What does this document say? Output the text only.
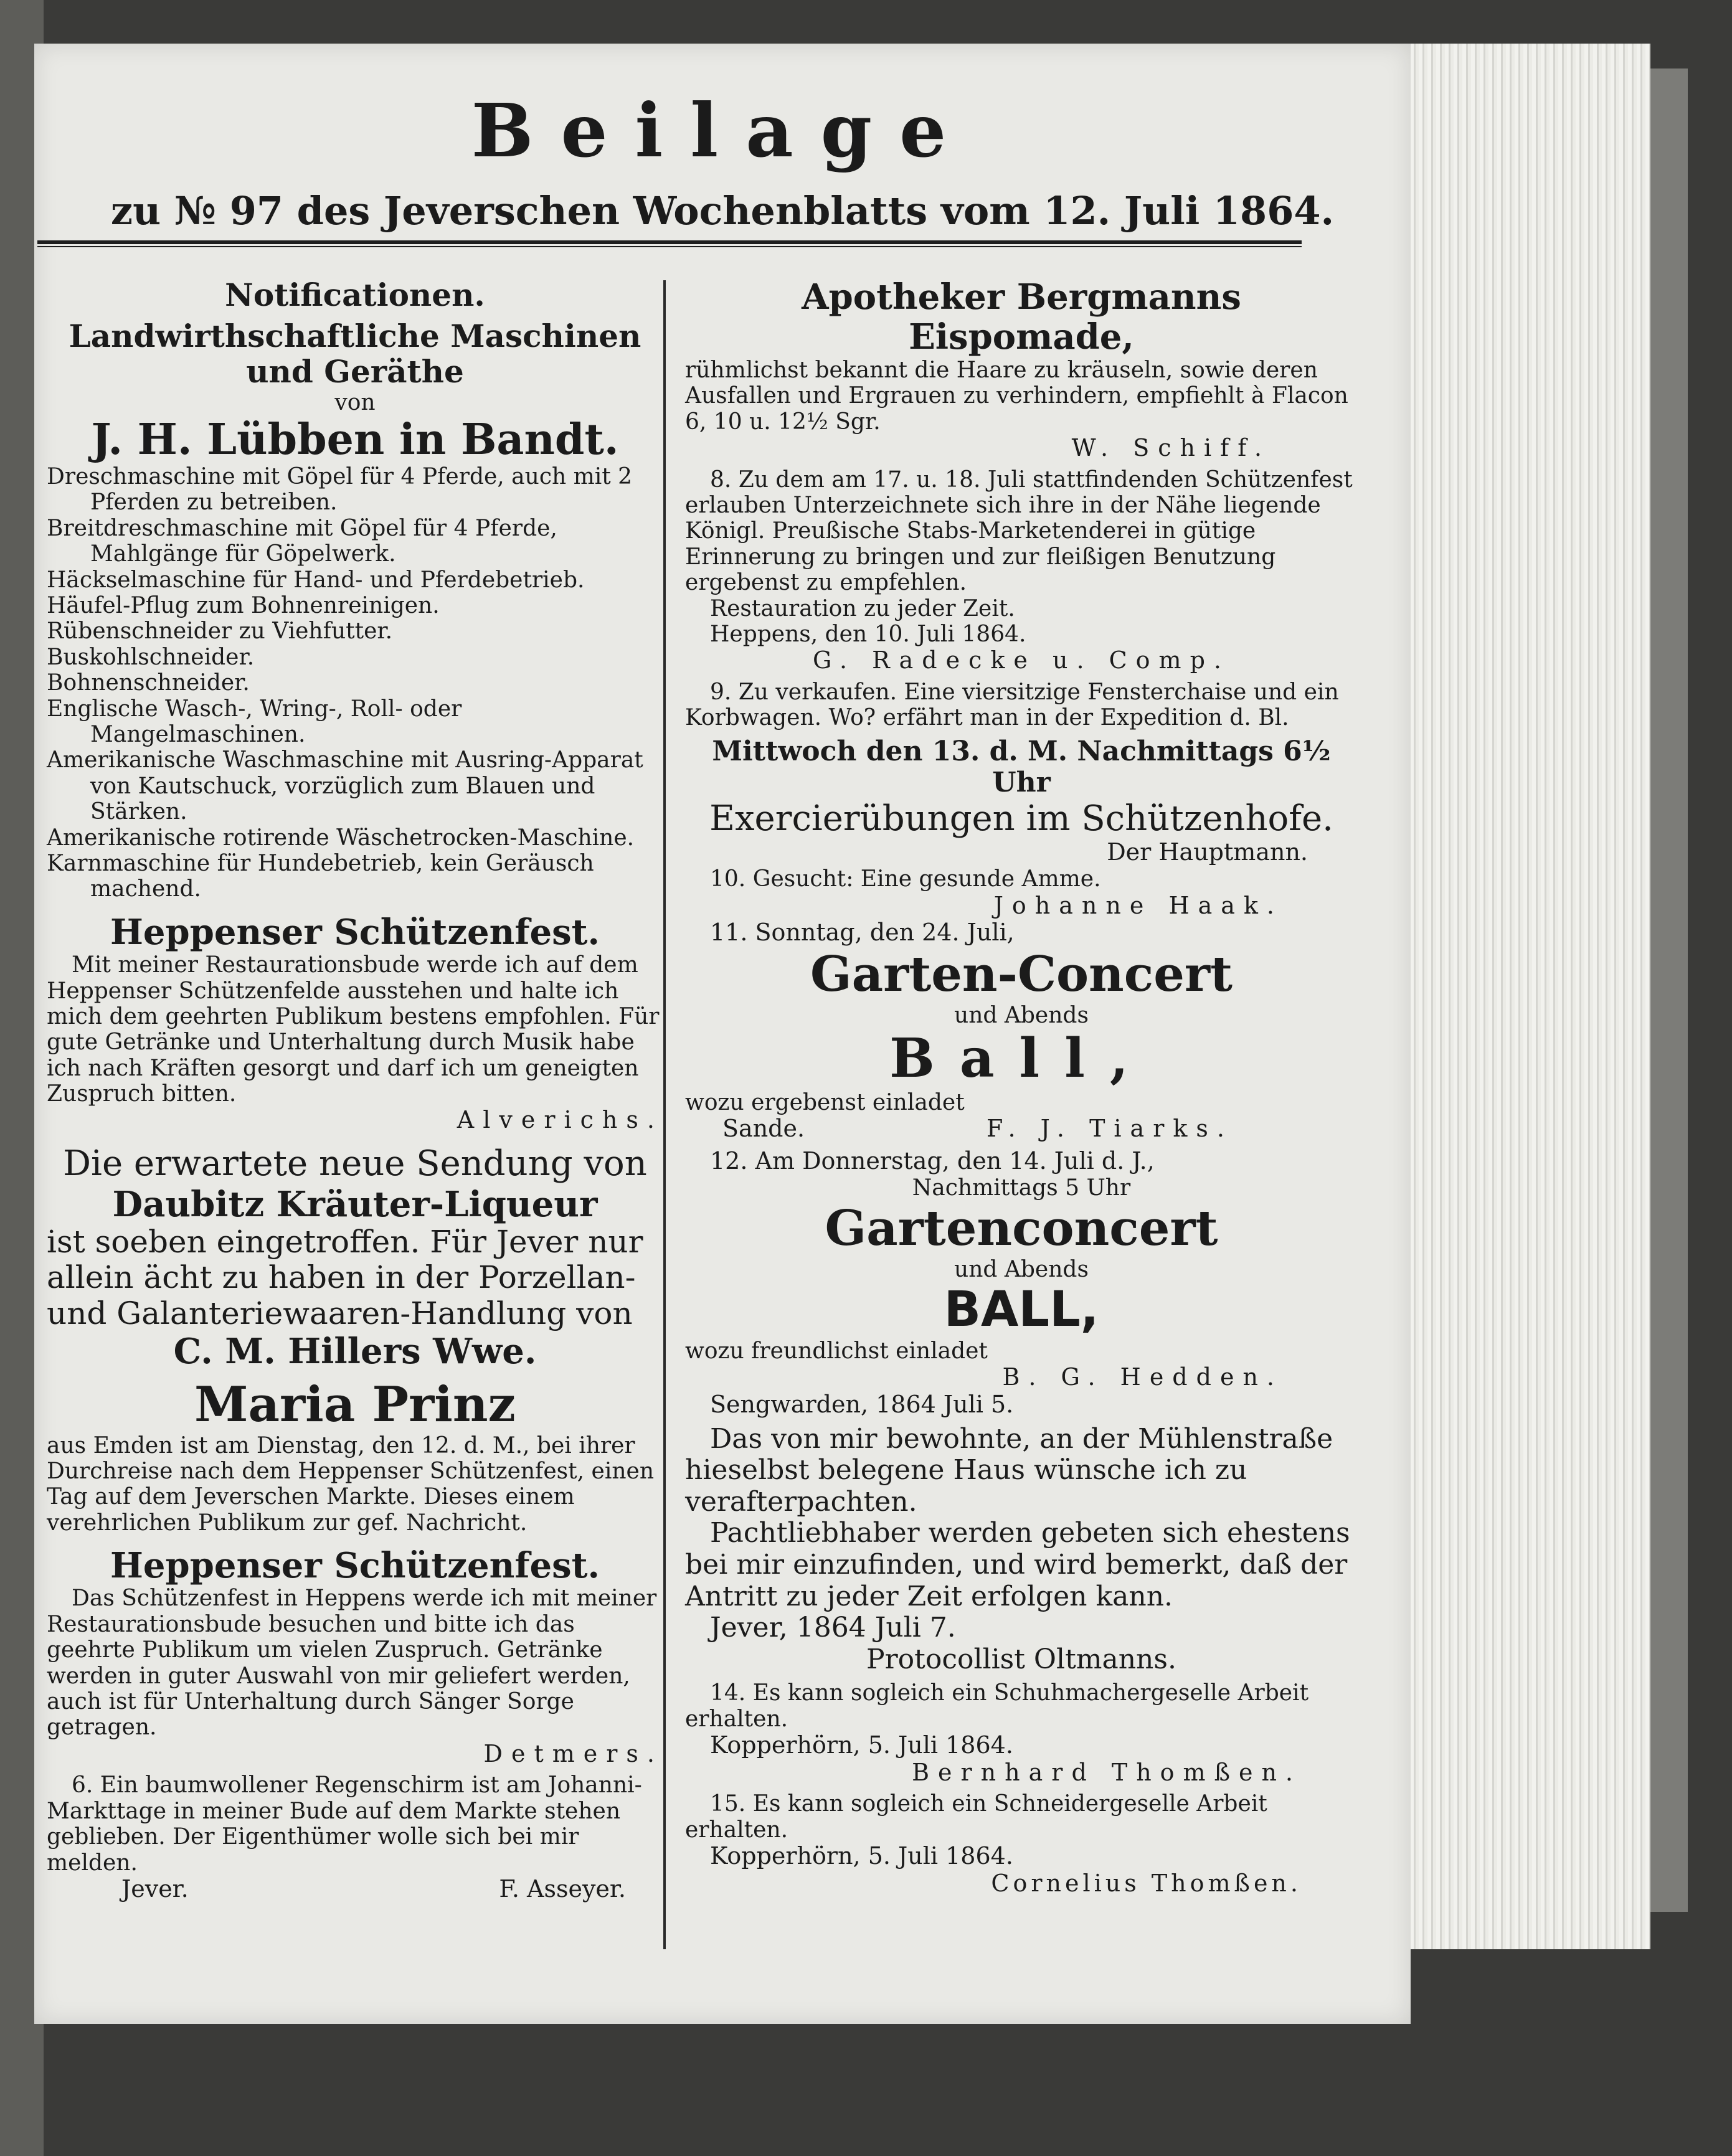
Beilage
zu № 97 des Jeverschen Wochenblatts vom 12. Juli 1864.
Notificationen.
Landwirthschaftliche Maschinen
und Geräthe
von
J. H. Lübben in Bandt.
Dreschmaschine mit Göpel für 4 Pferde, auch mit 2 Pferden zu betreiben.
Breitdreschmaschine mit Göpel für 4 Pferde, Mahlgänge für Göpelwerk.
Häckselmaschine für Hand- und Pferdebetrieb.
Häufel-Pflug zum Bohnenreinigen.
Rübenschneider zu Viehfutter.
Buskohlschneider.
Bohnenschneider.
Englische Wasch-, Wring-, Roll- oder Mangelmaschinen.
Amerikanische Waschmaschine mit Ausring-Apparat von Kautschuck, vorzüglich zum Blauen und Stärken.
Amerikanische rotirende Wäschetrocken-Maschine.
Karnmaschine für Hundebetrieb, kein Geräusch machend.
Heppenser Schützenfest.
Mit meiner Restaurationsbude werde ich auf dem Heppenser Schützenfelde ausstehen und halte ich mich dem geehrten Publikum bestens empfohlen. Für gute Getränke und Unterhaltung durch Musik habe ich nach Kräften gesorgt und darf ich um geneigten Zuspruch bitten.
Alverichs.
Die erwartete neue Sendung von
Daubitz Kräuter-Liqueur
ist soeben eingetroffen. Für Jever nur allein ächt zu haben in der Porzellan- und Galanteriewaaren-Handlung von
C. M. Hillers Wwe.
Maria Prinz
aus Emden ist am Dienstag, den 12. d. M., bei ihrer Durchreise nach dem Heppenser Schützenfest, einen Tag auf dem Jeverschen Markte. Dieses einem verehrlichen Publikum zur gef. Nachricht.
Heppenser Schützenfest.
Das Schützenfest in Heppens werde ich mit meiner Restaurationsbude besuchen und bitte ich das geehrte Publikum um vielen Zuspruch. Getränke werden in guter Auswahl von mir geliefert werden, auch ist für Unterhaltung durch Sänger Sorge getragen.
Detmers.
6. Ein baumwollener Regenschirm ist am Johanni-Markttage in meiner Bude auf dem Markte stehen geblieben. Der Eigenthümer wolle sich bei mir melden.
Jever.	F. Asseyer.
Apotheker Bergmanns Eispomade,
rühmlichst bekannt die Haare zu kräuseln, sowie deren Ausfallen und Ergrauen zu verhindern, empfiehlt à Flacon 6, 10 u. 12½ Sgr.
W. Schiff.
8. Zu dem am 17. u. 18. Juli stattfindenden Schützenfest erlauben Unterzeichnete sich ihre in der Nähe liegende Königl. Preußische Stabs-Marketenderei in gütige Erinnerung zu bringen und zur fleißigen Benutzung ergebenst zu empfehlen.
Restauration zu jeder Zeit.
Heppens, den 10. Juli 1864.
G. Radecke u. Comp.
9. Zu verkaufen. Eine viersitzige Fensterchaise und ein Korbwagen. Wo? erfährt man in der Expedition d. Bl.
Mittwoch den 13. d. M. Nachmittags 6½ Uhr
Exercierübungen im Schützenhofe.
Der Hauptmann.
10. Gesucht: Eine gesunde Amme.
Johanne Haak.
11. Sonntag, den 24. Juli,
Garten-Concert
und Abends
Ball,
wozu ergebenst einladet
Sande.	F. J. Tiarks.
12. Am Donnerstag, den 14. Juli d. J.,
Nachmittags 5 Uhr
Gartenconcert
und Abends
BALL,
wozu freundlichst einladet
B. G. Hedden.
Sengwarden, 1864 Juli 5.
Das von mir bewohnte, an der Mühlenstraße hieselbst belegene Haus wünsche ich zu verafterpachten.
Pachtliebhaber werden gebeten sich ehestens bei mir einzufinden, und wird bemerkt, daß der Antritt zu jeder Zeit erfolgen kann.
Jever, 1864 Juli 7.
Protocollist Oltmanns.
14. Es kann sogleich ein Schuhmachergeselle Arbeit erhalten.
Kopperhörn, 5. Juli 1864.
Bernhard Thomßen.
15. Es kann sogleich ein Schneidergeselle Arbeit erhalten.
Kopperhörn, 5. Juli 1864.
Cornelius Thomßen.
